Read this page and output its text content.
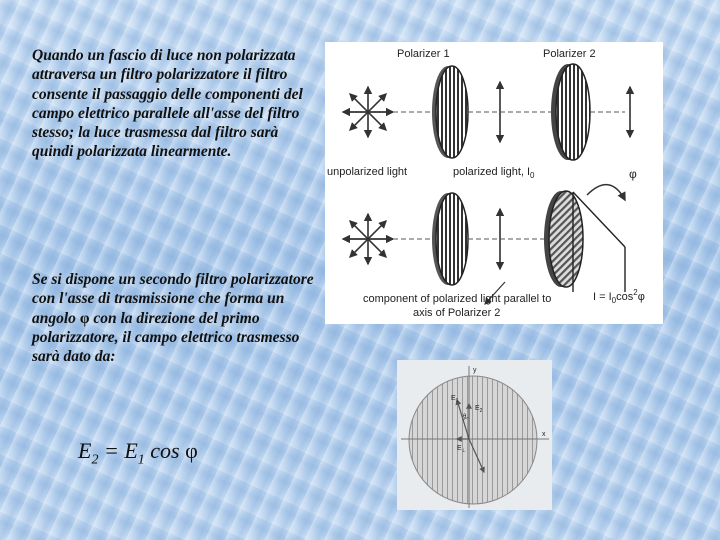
Quando un fascio di luce non polarizzata attraversa un filtro polarizzatore il filtro consente il passaggio delle componenti del campo elettrico parallele all'asse del filtro stesso; la luce trasmessa dal filtro sarà quindi polarizzata linearmente.
Se si dispone un secondo filtro polarizzatore con l'asse di trasmissione che forma un angolo φ con la direzione del primo polarizzatore, il campo elettrico trasmesso sarà dato da:
$E_2 = E_1$ cos φ
Polarizer 1	Polarizer 2
unpolarized light	polarized light, $I_0$	φ
component of polarized light parallel to
axis of Polarizer 2
$I = I_0\cos^2\varphi$
y
x
$E_1$
$E_2$
θ
$E_\perp$
